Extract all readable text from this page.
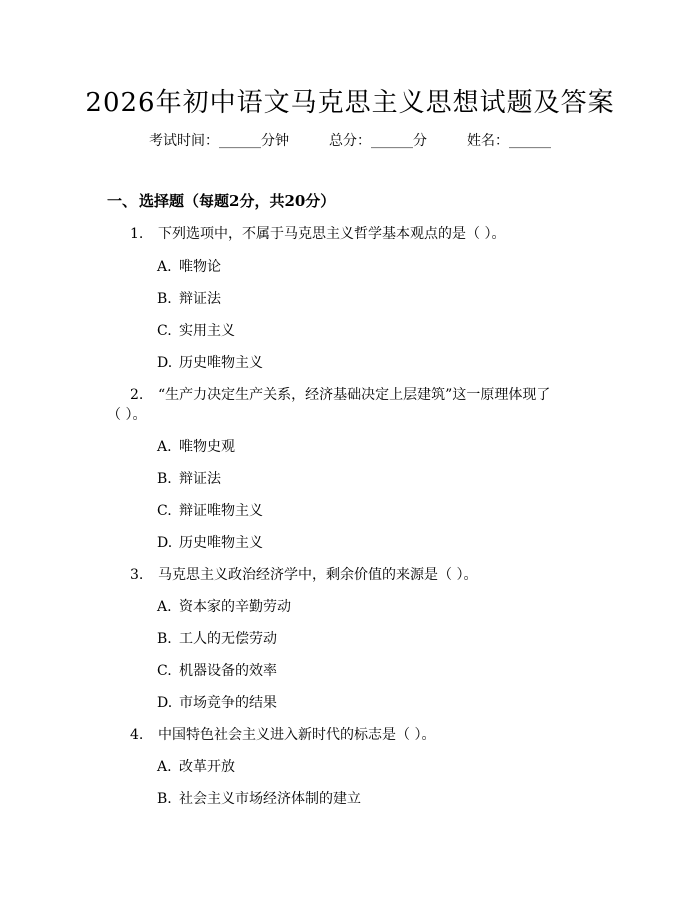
2026年初中语文马克思主义思想试题及答案
考试时间：______分钟	总分：______分	姓名：______
一、 选择题（每题2分，共20分）
1. 下列选项中，不属于马克思主义哲学基本观点的是（ ）。
A. 唯物论
B. 辩证法
C. 实用主义
D. 历史唯物主义
2. “生产力决定生产关系，经济基础决定上层建筑”这一原理体现了
（ ）。
A. 唯物史观
B. 辩证法
C. 辩证唯物主义
D. 历史唯物主义
3. 马克思主义政治经济学中，剩余价值的来源是（ ）。
A. 资本家的辛勤劳动
B. 工人的无偿劳动
C. 机器设备的效率
D. 市场竞争的结果
4. 中国特色社会主义进入新时代的标志是（ ）。
A. 改革开放
B. 社会主义市场经济体制的建立
